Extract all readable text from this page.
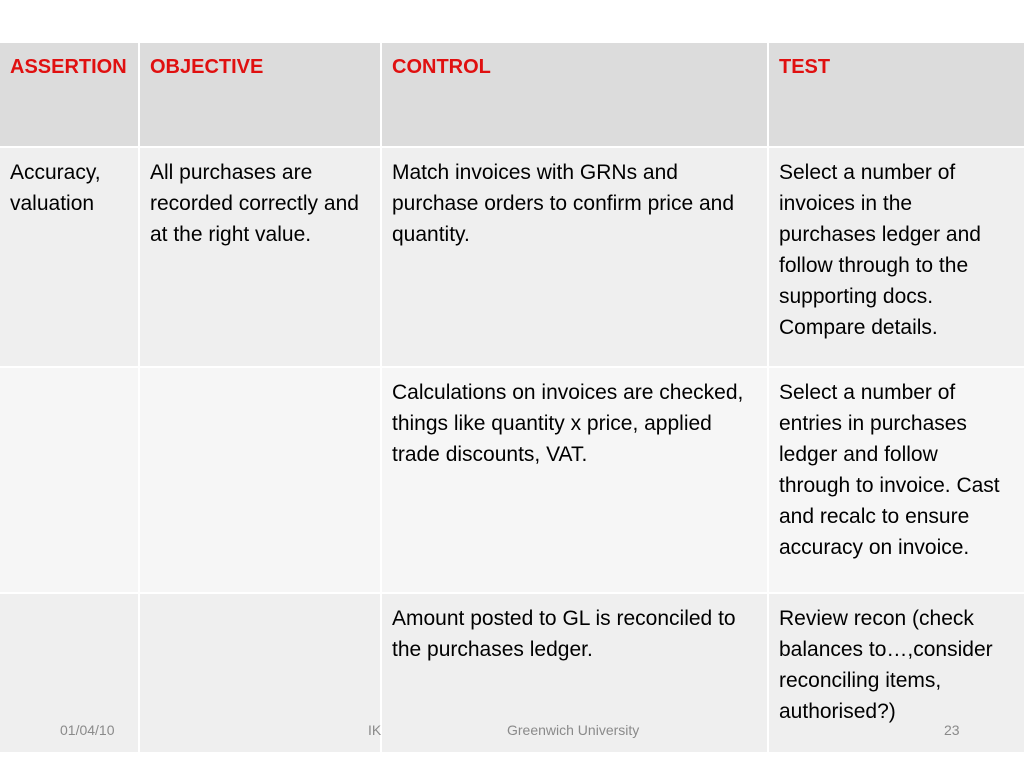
ASSERTION	OBJECTIVE	CONTROL	TEST
Accuracy, valuation	All purchases are recorded correctly and at the right value.	Match invoices with GRNs and purchase orders to confirm price and quantity.	Select a number of invoices in the purchases ledger and follow through to the supporting docs. Compare details.
		Calculations on invoices are checked, things like quantity x price, applied trade discounts, VAT.	Select a number of entries in purchases ledger and follow through to invoice. Cast and recalc to ensure accuracy on invoice.
		Amount posted to GL is reconciled to the purchases ledger.	Review recon (check balances to…,consider reconciling items, authorised?)
01/04/10	IK	Greenwich University	23
